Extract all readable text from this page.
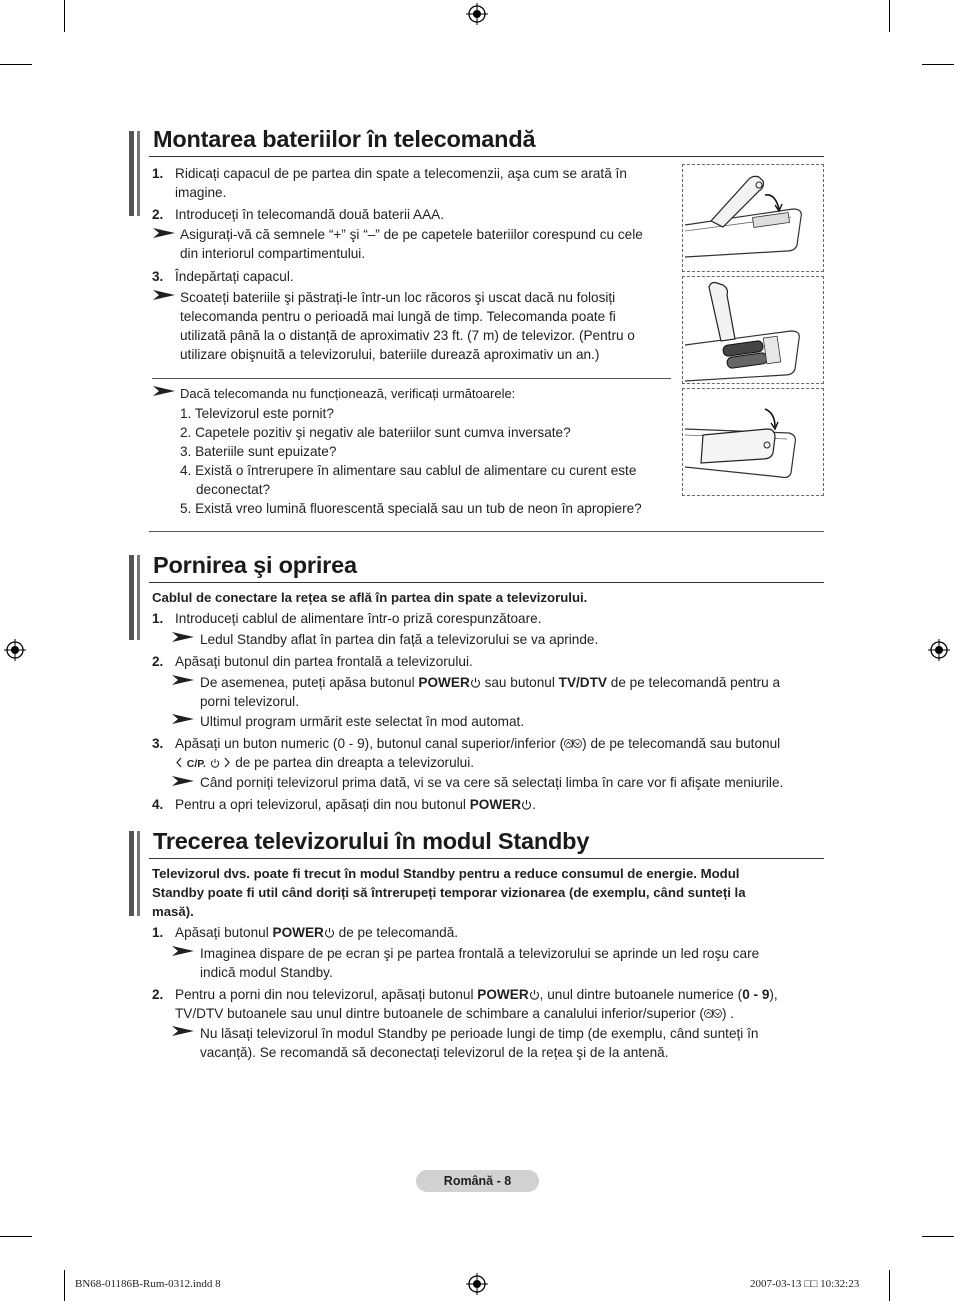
Montarea bateriilor în telecomandă
1. Ridicați capacul de pe partea din spate a telecomenzii, aşa cum se arată în
imagine.
2. Introduceți în telecomandă două baterii AAA.
Asigurați-vă că semnele “+” şi “–” de pe capetele bateriilor corespund cu cele
din interiorul compartimentului.
3. Îndepărtați capacul.
Scoateți bateriile şi păstrați-le într-un loc răcoros şi uscat dacă nu folosiți
telecomanda pentru o perioadă mai lungă de timp. Telecomanda poate fi
utilizată până la o distanță de aproximativ 23 ft. (7 m) de televizor. (Pentru o
utilizare obişnuită a televizorului, bateriile durează aproximativ un an.)
Dacă telecomanda nu funcționează, verificați următoarele:
1. Televizorul este pornit?
2. Capetele pozitiv şi negativ ale bateriilor sunt cumva inversate?
3. Bateriile sunt epuizate?
4. Există o întrerupere în alimentare sau cablul de alimentare cu curent este
deconectat?
5. Există vreo lumină fluorescentă specială sau un tub de neon în apropiere?
Pornirea şi oprirea
Cablul de conectare la rețea se află în partea din spate a televizorului.
1. Introduceți cablul de alimentare într-o priză corespunzătoare.
Ledul Standby aflat în partea din față a televizorului se va aprinde.
2. Apăsați butonul din partea frontală a televizorului.
De asemenea, puteți apăsa butonul POWER sau butonul TV/DTV de pe telecomandă pentru a
porni televizorul.
Ultimul program urmărit este selectat în mod automat.
3. Apăsați un buton numeric (0 - 9), butonul canal superior/inferior ( ) de pe telecomandă sau butonul
C/P. de pe partea din dreapta a televizorului.
Când porniți televizorul prima dată, vi se va cere să selectați limba în care vor fi afişate meniurile.
4. Pentru a opri televizorul, apăsați din nou butonul POWER .
Trecerea televizorului în modul Standby
Televizorul dvs. poate fi trecut în modul Standby pentru a reduce consumul de energie. Modul
Standby poate fi util când doriți să întrerupeți temporar vizionarea (de exemplu, când sunteți la
masă).
1. Apăsați butonul POWER de pe telecomandă.
Imaginea dispare de pe ecran şi pe partea frontală a televizorului se aprinde un led roşu care
indică modul Standby.
2. Pentru a porni din nou televizorul, apăsați butonul POWER , unul dintre butoanele numerice (0 - 9),
TV/DTV butoanele sau unul dintre butoanele de schimbare a canalului inferior/superior ( ) .
Nu lăsați televizorul în modul Standby pe perioade lungi de timp (de exemplu, când sunteți în
vacanță). Se recomandă să deconectați televizorul de la rețea şi de la antenă.
Română - 8
BN68-01186B-Rum-0312.indd 8	2007-03-13 □□ 10:32:23
